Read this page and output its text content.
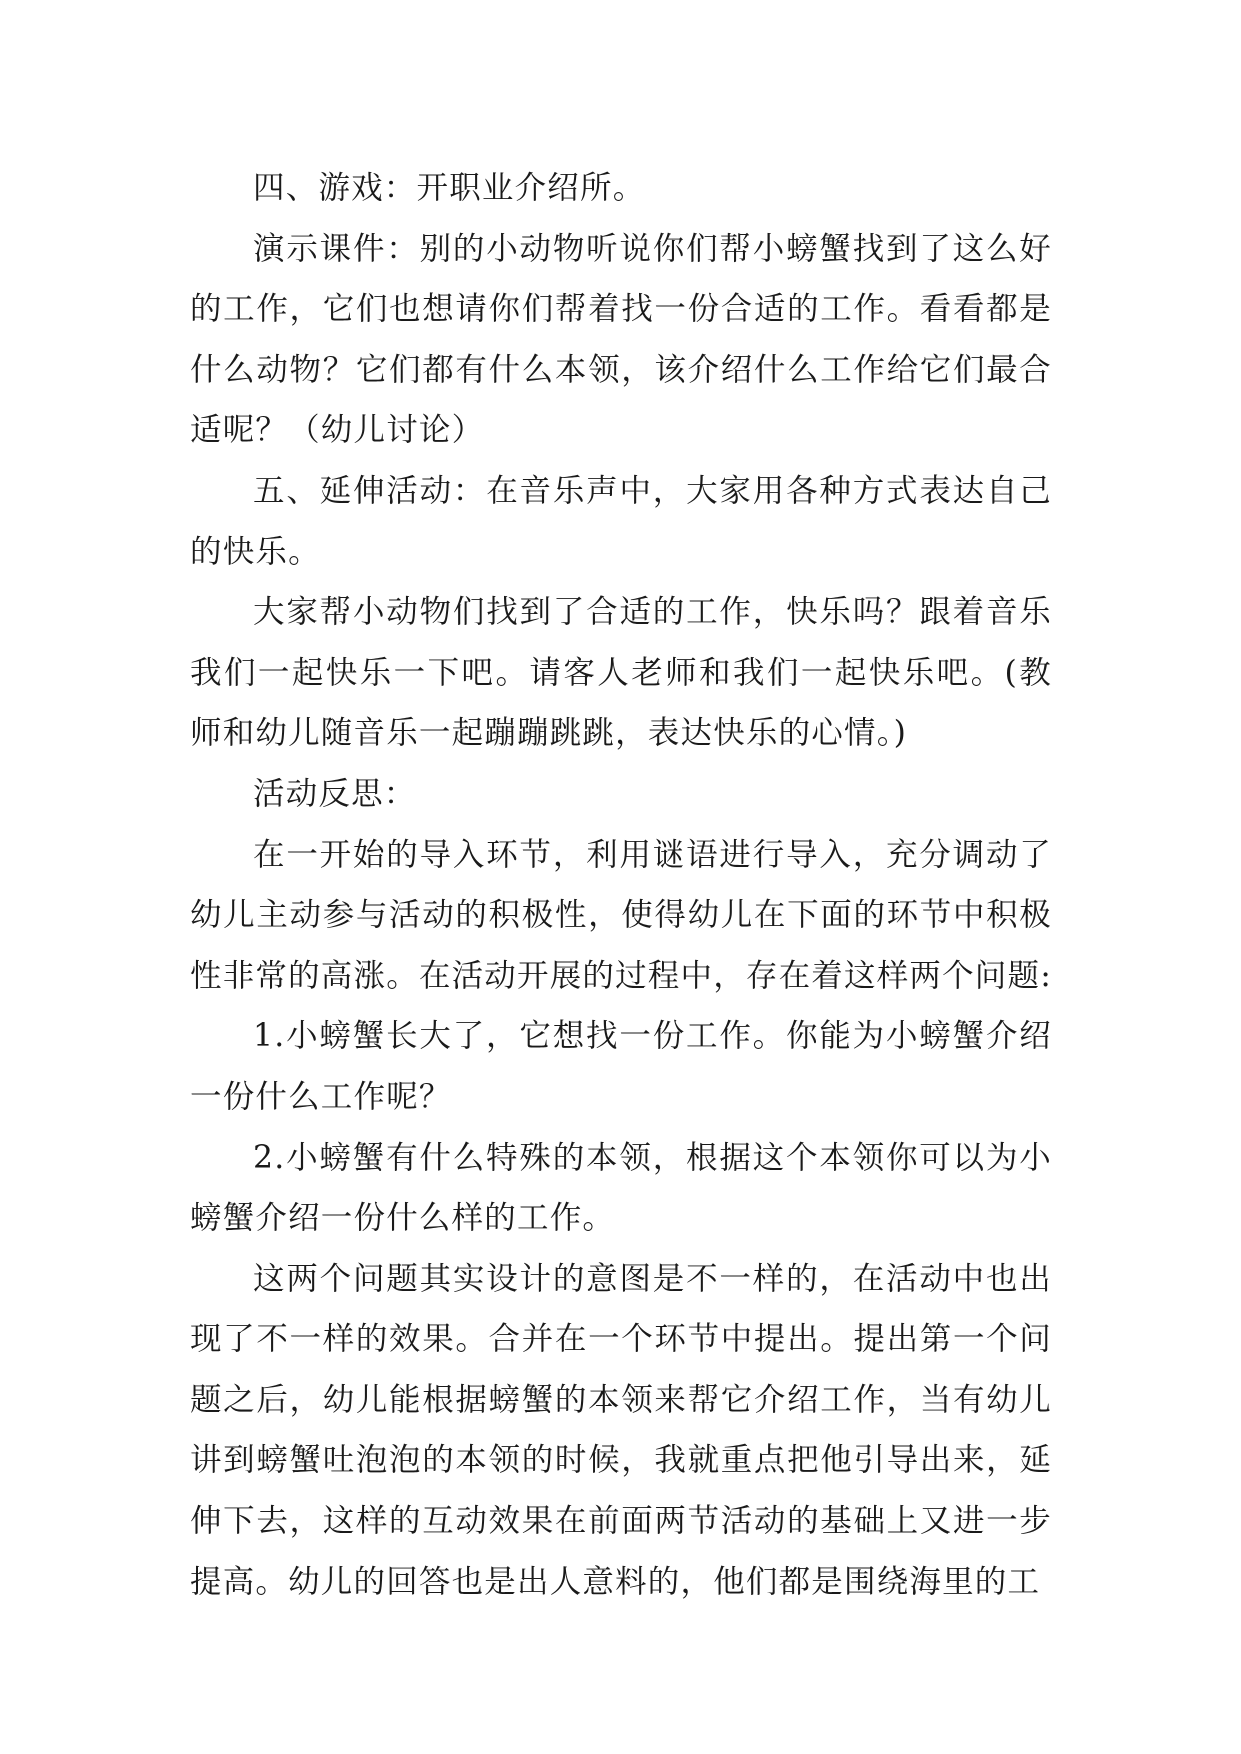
四、游戏：开职业介绍所。

演示课件：别的小动物听说你们帮小螃蟹找到了这么好的工作，它们也想请你们帮着找一份合适的工作。看看都是什么动物？它们都有什么本领，该介绍什么工作给它们最合适呢？（幼儿讨论）

五、延伸活动：在音乐声中，大家用各种方式表达自己的快乐。

大家帮小动物们找到了合适的工作，快乐吗？跟着音乐我们一起快乐一下吧。请客人老师和我们一起快乐吧。(教师和幼儿随音乐一起蹦蹦跳跳，表达快乐的心情。)

活动反思：

在一开始的导入环节，利用谜语进行导入，充分调动了幼儿主动参与活动的积极性，使得幼儿在下面的环节中积极性非常的高涨。在活动开展的过程中，存在着这样两个问题:

1.小螃蟹长大了，它想找一份工作。你能为小螃蟹介绍一份什么工作呢？

2.小螃蟹有什么特殊的本领，根据这个本领你可以为小螃蟹介绍一份什么样的工作。

这两个问题其实设计的意图是不一样的，在活动中也出现了不一样的效果。合并在一个环节中提出。提出第一个问题之后，幼儿能根据螃蟹的本领来帮它介绍工作，当有幼儿讲到螃蟹吐泡泡的本领的时候，我就重点把他引导出来，延伸下去，这样的互动效果在前面两节活动的基础上又进一步提高。幼儿的回答也是出人意料的，他们都是围绕海里的工
